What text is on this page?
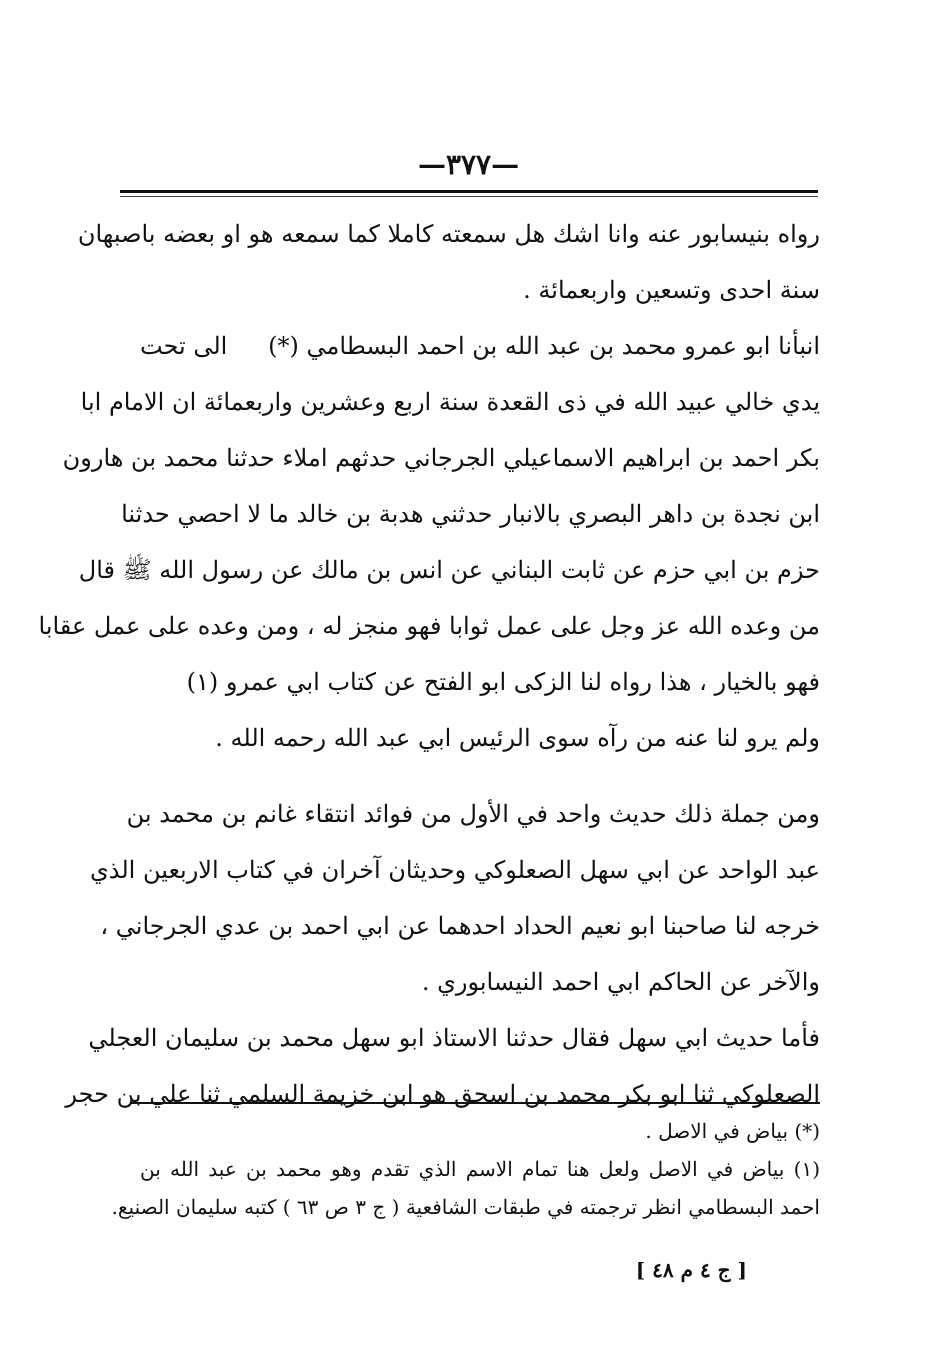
—٣٧٧—
رواه بنيسابور عنه وانا اشك هل سمعته كاملا كما سمعه هو او بعضه باصبهان
سنة احدى وتسعين واربعمائة .
انبأنا ابو عمرو محمد بن عبد الله بن احمد البسطامي (*)
الى تحت
يدي خالي عبيد الله في ذى القعدة سنة اربع وعشرين واربعمائة ان الامام ابا
بكر احمد بن ابراهيم الاسماعيلي الجرجاني حدثهم املاء حدثنا محمد بن هارون
ابن نجدة بن داهر البصري بالانبار حدثني هدبة بن خالد ما لا احصي حدثنا
حزم بن ابي حزم عن ثابت البناني عن انس بن مالك عن رسول الله ﷺ قال
من وعده الله عز وجل على عمل ثوابا فهو منجز له ، ومن وعده على عمل عقابا
فهو بالخيار ، هذا رواه لنا الزكى ابو الفتح عن كتاب ابي عمرو (١)
ولم يرو لنا عنه من رآه سوى الرئيس ابي عبد الله رحمه الله .
ومن جملة ذلك حديث واحد في الأول من فوائد انتقاء غانم بن محمد بن
عبد الواحد عن ابي سهل الصعلوكي وحديثان آخران في كتاب الاربعين الذي
خرجه لنا صاحبنا ابو نعيم الحداد احدهما عن ابي احمد بن عدي الجرجاني ،
والآخر عن الحاكم ابي احمد النيسابوري .
فأما حديث ابي سهل فقال حدثنا الاستاذ ابو سهل محمد بن سليمان العجلي
الصعلوكي ثنا ابو بكر محمد بن اسحق هو ابن خزيمة السلمي ثنا علي بن حجر
(*) بياض في الاصل .
(١) بياض في الاصل ولعل هنا تمام الاسم الذي تقدم وهو محمد بن عبد الله بن
احمد البسطامي انظر ترجمته في طبقات الشافعية ( ج ٣ ص ٦٣ ) كتبه سليمان الصنيع.
[ ج ٤ م ٤٨ ]
